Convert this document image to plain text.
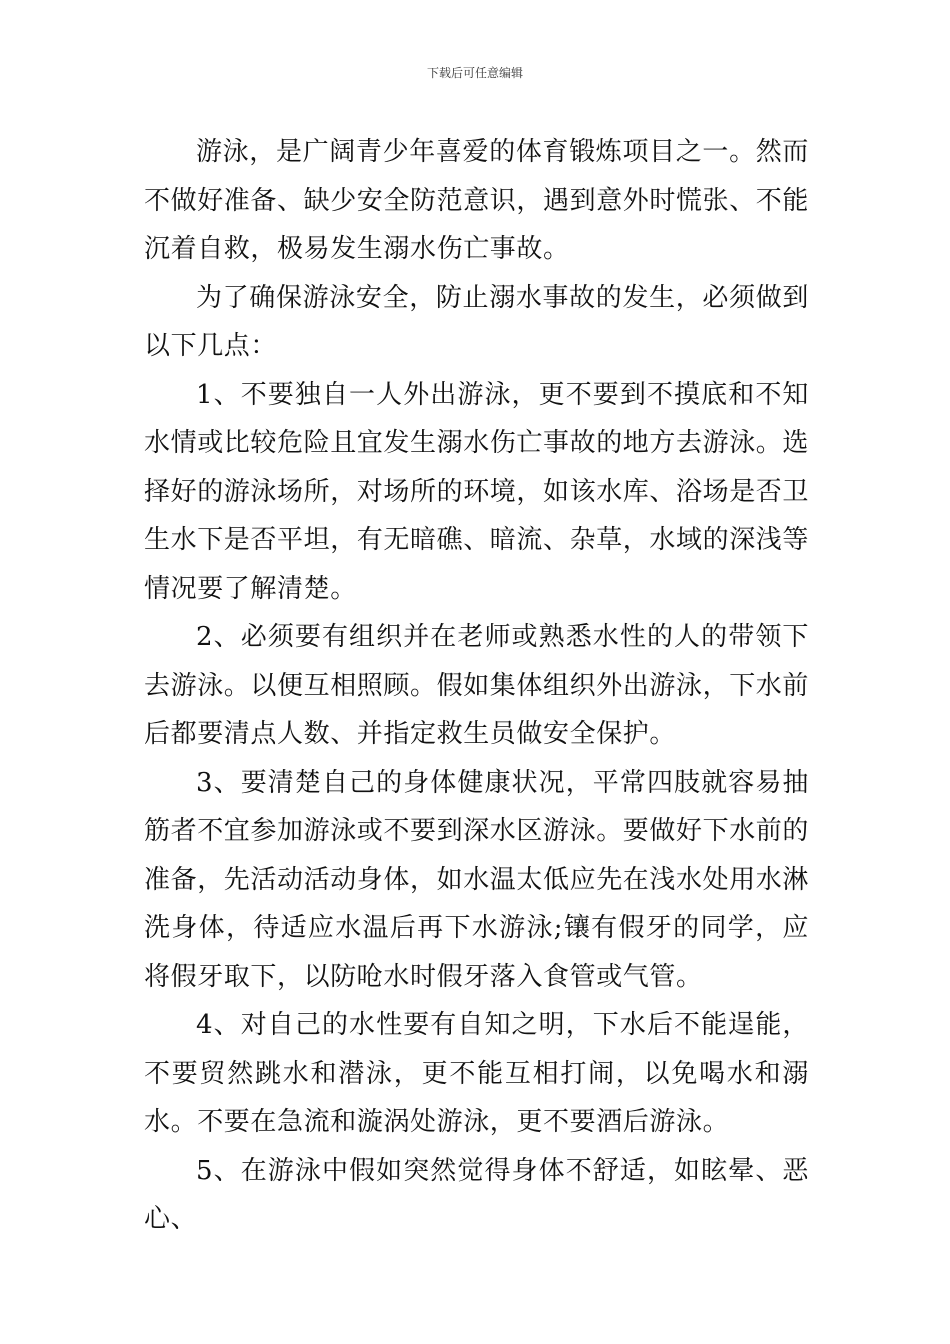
下载后可任意编辑

游泳，是广阔青少年喜爱的体育锻炼项目之一。然而不做好准备、缺少安全防范意识，遇到意外时慌张、不能沉着自救，极易发生溺水伤亡事故。

为了确保游泳安全，防止溺水事故的发生，必须做到以下几点：

1、不要独自一人外出游泳，更不要到不摸底和不知水情或比较危险且宜发生溺水伤亡事故的地方去游泳。选择好的游泳场所，对场所的环境，如该水库、浴场是否卫生水下是否平坦，有无暗礁、暗流、杂草，水域的深浅等情况要了解清楚。

2、必须要有组织并在老师或熟悉水性的人的带领下去游泳。以便互相照顾。假如集体组织外出游泳，下水前后都要清点人数、并指定救生员做安全保护。

3、要清楚自己的身体健康状况，平常四肢就容易抽筋者不宜参加游泳或不要到深水区游泳。要做好下水前的准备，先活动活动身体，如水温太低应先在浅水处用水淋洗身体，待适应水温后再下水游泳;镶有假牙的同学，应将假牙取下，以防呛水时假牙落入食管或气管。

4、对自己的水性要有自知之明，下水后不能逞能，不要贸然跳水和潜泳，更不能互相打闹，以免喝水和溺水。不要在急流和漩涡处游泳，更不要酒后游泳。

5、在游泳中假如突然觉得身体不舒适，如眩晕、恶心、
